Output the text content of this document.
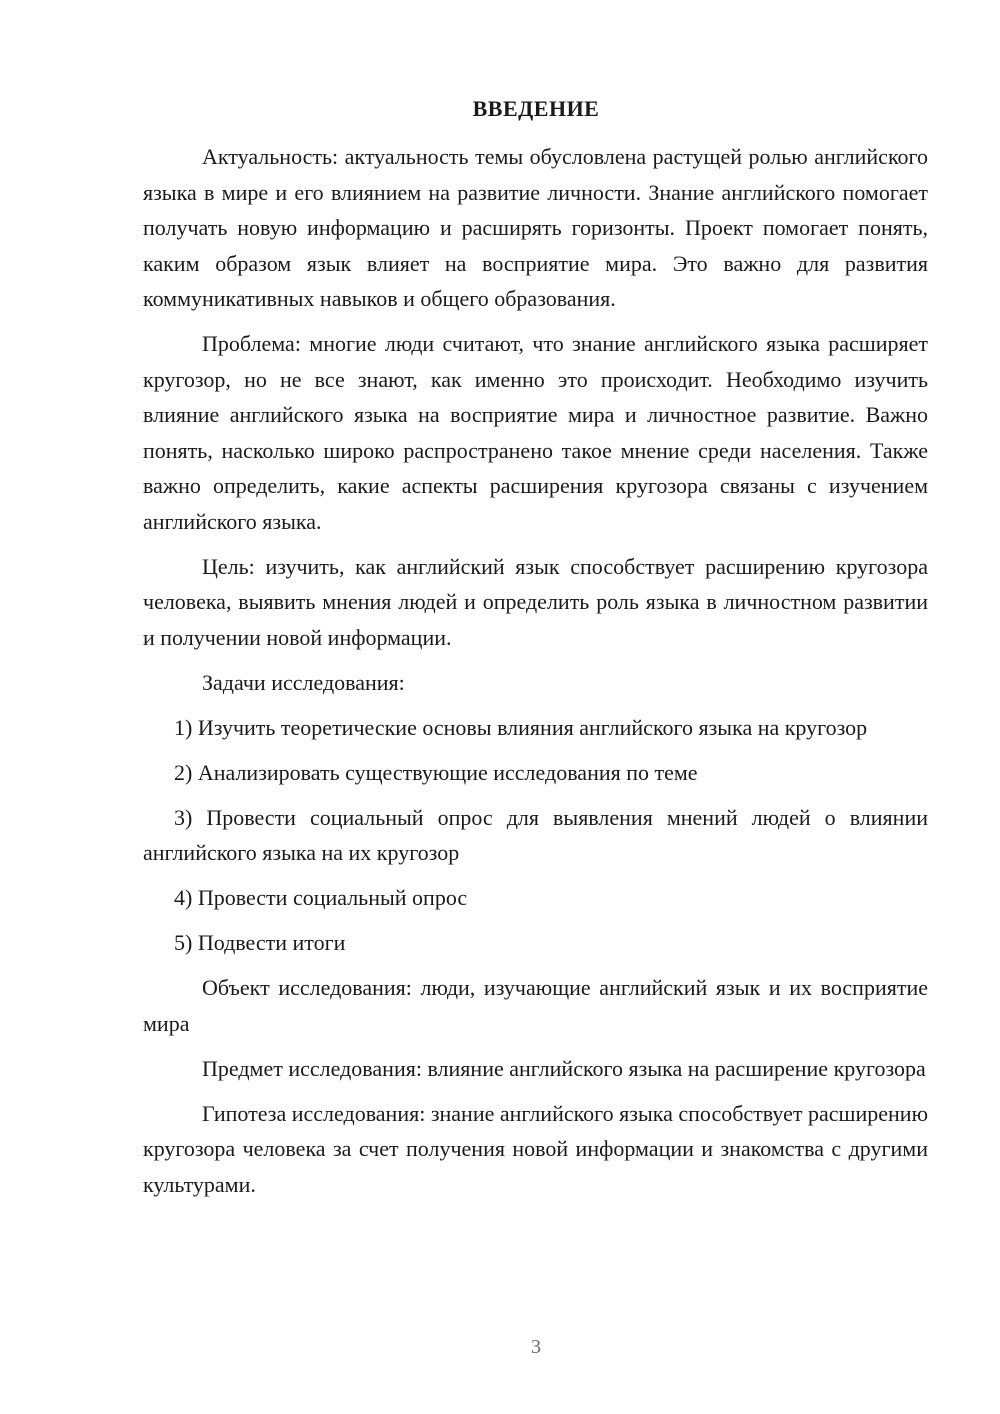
ВВЕДЕНИЕ

Актуальность: актуальность темы обусловлена растущей ролью английского языка в мире и его влиянием на развитие личности. Знание английского помогает получать новую информацию и расширять горизонты. Проект помогает понять, каким образом язык влияет на восприятие мира. Это важно для развития коммуникативных навыков и общего образования.

Проблема: многие люди считают, что знание английского языка расширяет кругозор, но не все знают, как именно это происходит. Необходимо изучить влияние английского языка на восприятие мира и личностное развитие. Важно понять, насколько широко распространено такое мнение среди населения. Также важно определить, какие аспекты расширения кругозора связаны с изучением английского языка.

Цель: изучить, как английский язык способствует расширению кругозора человека, выявить мнения людей и определить роль языка в личностном развитии и получении новой информации.

Задачи исследования:

1) Изучить теоретические основы влияния английского языка на кругозор

2) Анализировать существующие исследования по теме

3) Провести социальный опрос для выявления мнений людей о влиянии английского языка на их кругозор

4) Провести социальный опрос

5) Подвести итоги

Объект исследования: люди, изучающие английский язык и их восприятие мира

Предмет исследования: влияние английского языка на расширение кругозора

Гипотеза исследования: знание английского языка способствует расширению кругозора человека за счет получения новой информации и знакомства с другими культурами.

3
